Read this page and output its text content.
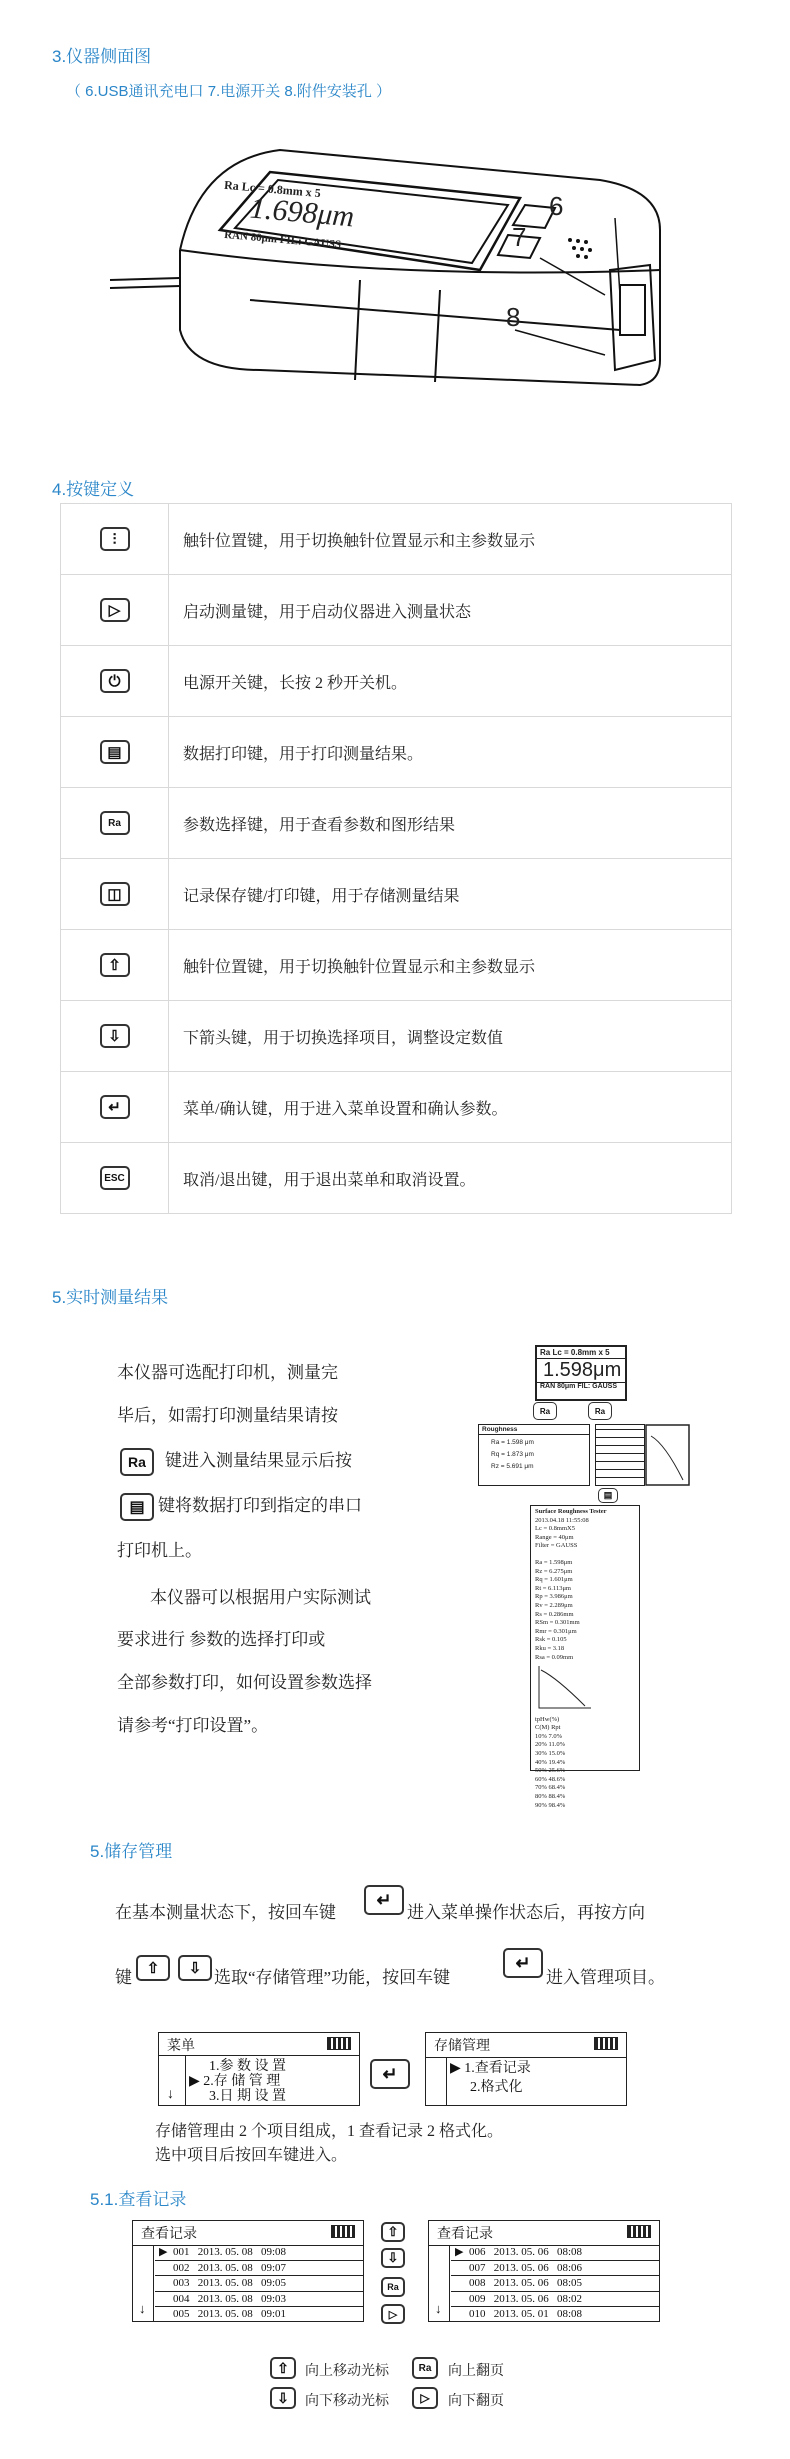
3.仪器侧面图
（ 6.USB通讯充电口 7.电源开关 8.附件安装孔 ）
Ra Lc = 0.8mm x 5
1.698μm
RAN 80μm FIL: GAUSS
6
7
8
4.按键定义
⫶	触针位置键，用于切换触针位置显示和主参数显示

▷	启动测量键，用于启动仪器进入测量状态

⏻	电源开关键，长按 2 秒开关机。

▤	数据打印键，用于打印测量结果。

Ra	参数选择键，用于查看参数和图形结果

◫	记录保存键/打印键，用于存储测量结果

⇧	触针位置键，用于切换触针位置显示和主参数显示

⇩	下箭头键，用于切换选择项目，调整设定数值

↵	菜单/确认键，用于进入菜单设置和确认参数。

ESC	取消/退出键，用于退出菜单和取消设置。
5.实时测量结果
本仪器可选配打印机，测量完
毕后，如需打印测量结果请按
Ra	键进入测量结果显示后按
▤ 键将数据打印到指定的串口
打印机上。
本仪器可以根据用户实际测试
要求进行 参数的选择打印或
全部参数打印，如何设置参数选择
请参考“打印设置”。
Ra Lc = 0.8mm x 5
1.598μm
RAN 80μm FIL: GAUSS
Ra	Ra
Roughness
Ra = 1.598 μm
Rq = 1.873 μm
Rz = 5.691 μm
▤
Surface Roughness Tester
2013.04.18 11:55:08
Lc = 0.8mmX5
Range = 40μm
Filter = GAUSS
Ra = 1.598μm
Rz = 6.275μm
Rq = 1.601μm
Rt = 6.113μm
Rp = 3.986μm
Rv = 2.289μm
Rs = 0.286mm
RSm = 0.301mm
Rmr = 0.301μm
Rsk = 0.105
Rku = 3.18
Rsa = 0.09mm
tpHw(%)
C(M) Rpt
10% 7.0%
20% 11.0%
30% 15.0%
40% 19.4%
50% 25.6%
60% 48.6%
70% 68.4%
80% 88.4%
90% 98.4%
5.储存管理
在基本测量状态下，按回车键
↵
进入菜单操作状态后，再按方向
键 ⇧	⇩ 选取“存储管理”功能，按回车键
↵
进入管理项目。
菜单
↓
1.参 数 设 置
▶ 2.存 储 管 理
3.日 期 设 置
↵
存储管理
▶ 1.查看记录
2.格式化
存储管理由 2 个项目组成，1 查看记录 2 格式化。
选中项目后按回车键进入。
5.1.查看记录
查看记录
↓
▶ 001   2013. 05. 08   09:08
002   2013. 05. 08   09:07
003   2013. 05. 08   09:05
004   2013. 05. 08   09:03
005   2013. 05. 08   09:01
⇧
⇩
Ra
▷
查看记录
↓
▶ 006   2013. 05. 06   08:08
007   2013. 05. 06   08:06
008   2013. 05. 06   08:05
009   2013. 05. 06   08:02
010   2013. 05. 01   08:08
⇧	向上移动光标	Ra	向上翻页
⇩	向下移动光标	▷	向下翻页
